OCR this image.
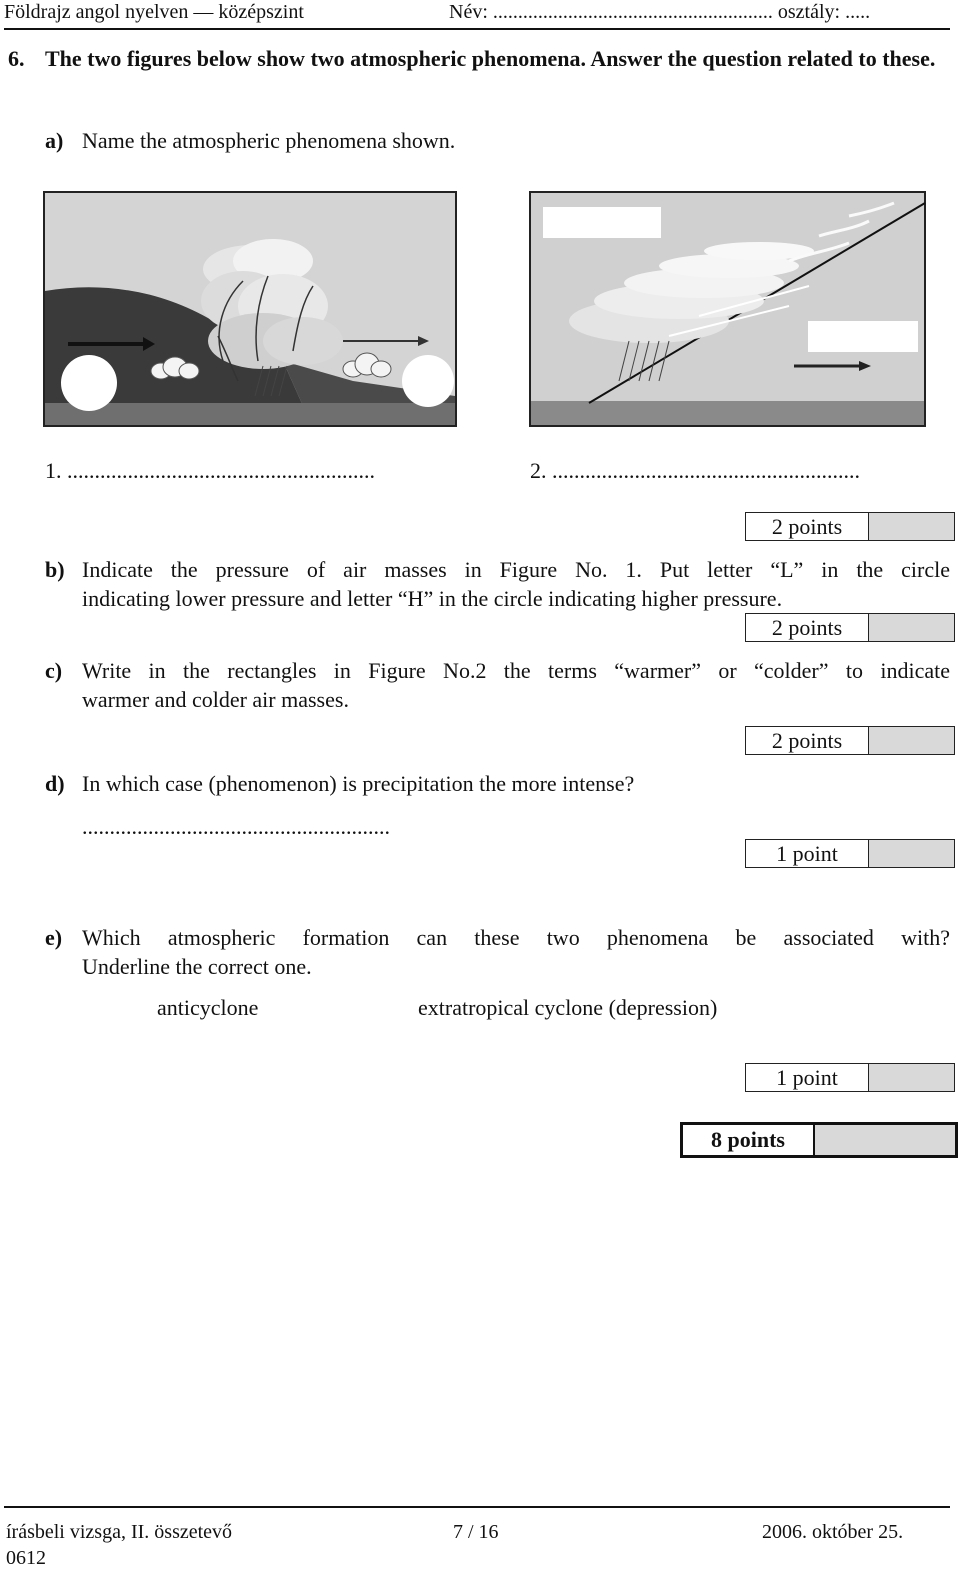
Földrajz angol nyelven — középszint	Név: ........................................................ osztály: .....
6. The two figures below show two atmospheric phenomena. Answer the question related to these.
a) Name the atmospheric phenomena shown.
1. ........................................................	2. ........................................................
2 points
b) Indicate the pressure of air masses in Figure No. 1. Put letter “L” in the circle
indicating lower pressure and letter “H” in the circle indicating higher pressure.
2 points
c) Write in the rectangles in Figure No.2 the terms “warmer” or “colder” to indicate
warmer and colder air masses.
2 points
d) In which case (phenomenon) is precipitation the more intense?
........................................................
1 point
e) Which atmospheric formation can these two phenomena be associated with?
Underline the correct one.
anticyclone	extratropical cyclone (depression)
1 point
8 points
írásbeli vizsga, II. összetevő
0612
7 / 16	2006. október 25.
